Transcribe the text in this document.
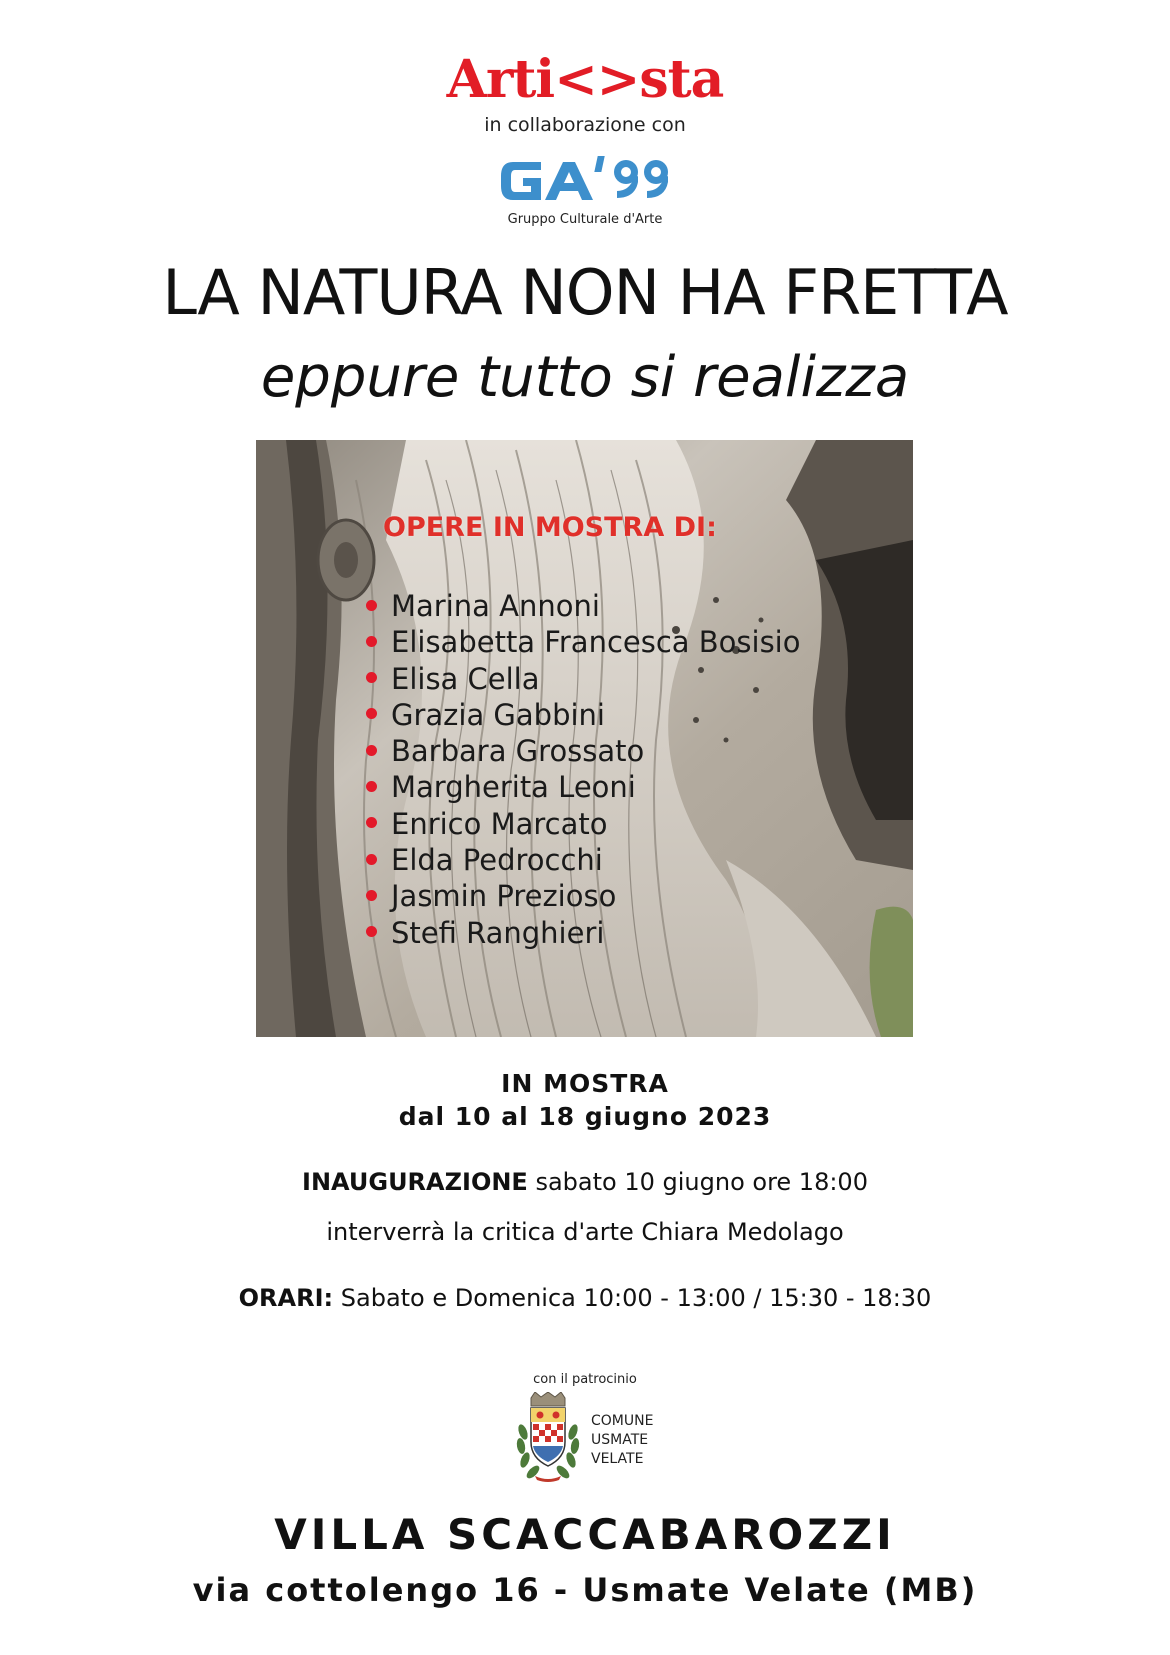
Arti<>sta
in collaborazione con
Gruppo Culturale d'Arte
LA NATURA NON HA FRETTA
eppure tutto si realizza
OPERE IN MOSTRA DI:
Marina Annoni
Elisabetta Francesca Bosisio
Elisa Cella
Grazia Gabbini
Barbara Grossato
Margherita Leoni
Enrico Marcato
Elda Pedrocchi
Jasmin Prezioso
Stefi Ranghieri
IN MOSTRA
dal 10 al 18 giugno 2023
INAUGURAZIONE sabato 10 giugno ore 18:00
interverrà la critica d'arte Chiara Medolago
ORARI: Sabato e Domenica 10:00 - 13:00 / 15:30 - 18:30
con il patrocinio
COMUNE
USMATE
VELATE
VILLA SCACCABAROZZI
via cottolengo 16 - Usmate Velate (MB)
